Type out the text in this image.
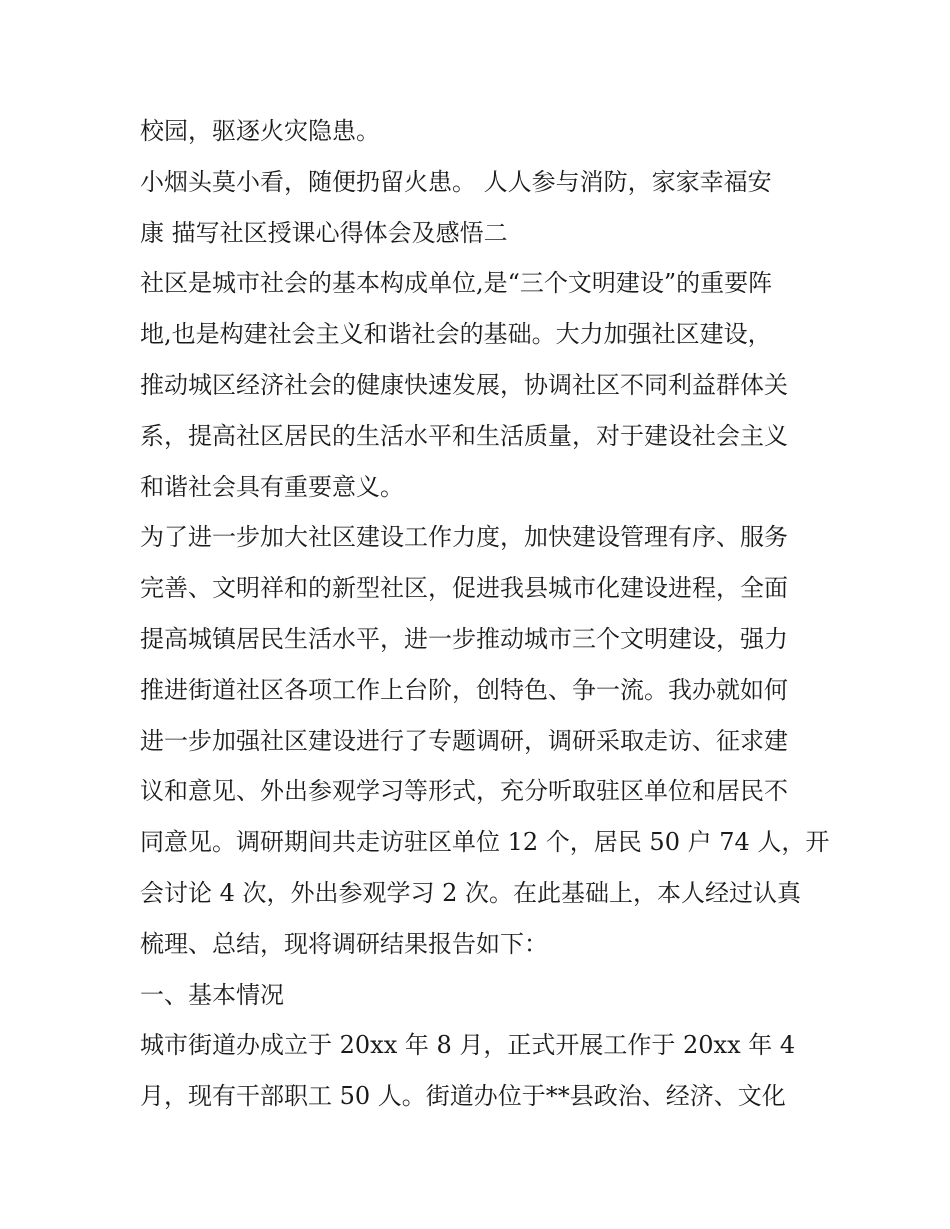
校园，驱逐火灾隐患。
小烟头莫小看，随便扔留火患。 人人参与消防，家家幸福安
康 描写社区授课心得体会及感悟二
社区是城市社会的基本构成单位,是“三个文明建设”的重要阵
地,也是构建社会主义和谐社会的基础。大力加强社区建设，
推动城区经济社会的健康快速发展，协调社区不同利益群体关
系，提高社区居民的生活水平和生活质量，对于建设社会主义
和谐社会具有重要意义。
为了进一步加大社区建设工作力度，加快建设管理有序、服务
完善、文明祥和的新型社区，促进我县城市化建设进程，全面
提高城镇居民生活水平，进一步推动城市三个文明建设，强力
推进街道社区各项工作上台阶，创特色、争一流。我办就如何
进一步加强社区建设进行了专题调研，调研采取走访、征求建
议和意见、外出参观学习等形式，充分听取驻区单位和居民不
同意见。调研期间共走访驻区单位 12 个，居民 50 户 74 人，开
会讨论 4 次，外出参观学习 2 次。在此基础上，本人经过认真
梳理、总结，现将调研结果报告如下：
一、基本情况
城市街道办成立于 20xx 年 8 月，正式开展工作于 20xx 年 4
月，现有干部职工 50 人。街道办位于**县政治、经济、文化
